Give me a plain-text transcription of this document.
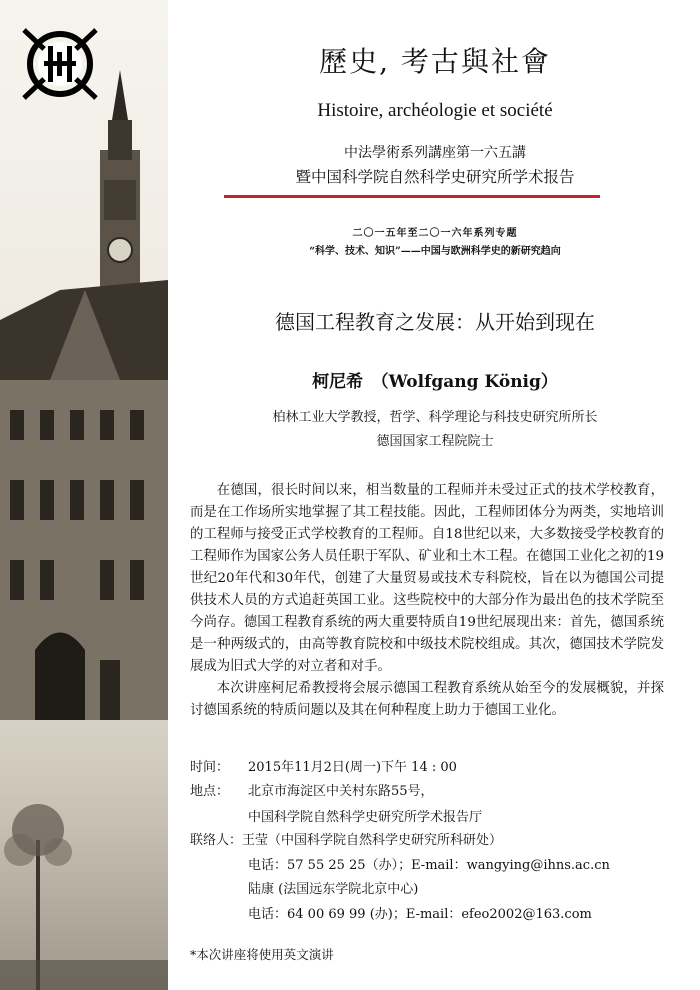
歷史, 考古與社會
Histoire, archéologie et société
中法學術系列講座第一六五講
暨中国科学院自然科学史研究所学术报告
二〇一五年至二〇一六年系列专题
“科学、技术、知识”——中国与欧洲科学史的新研究趋向
德国工程教育之发展：从开始到现在
柯尼希　（Wolfgang König）
柏林工业大学教授，哲学、科学理论与科技史研究所所长
德国国家工程院院士

在德国，很长时间以来，相当数量的工程师并未受过正式的技术学校教育，而是在工作场所实地掌握了其工程技能。因此，工程师团体分为两类，实地培训的工程师与接受正式学校教育的工程师。自18世纪以来，大多数接受学校教育的工程师作为国家公务人员任职于军队、矿业和土木工程。在德国工业化之初的19世纪20年代和30年代，创建了大量贸易或技术专科院校，旨在以为德国公司提供技术人员的方式追赶英国工业。这些院校中的大部分作为最出色的技术学院至今尚存。德国工程教育系统的两大重要特质自19世纪展现出来：首先，德国系统是一种两级式的，由高等教育院校和中级技术院校组成。其次，德国技术学院发展成为旧式大学的对立者和对手。

本次讲座柯尼希教授将会展示德国工程教育系统从始至今的发展概貌，并探讨德国系统的特质问题以及其在何种程度上助力于德国工业化。

时间： 2015年11月2日(周一)下午 14 : 00
地点： 北京市海淀区中关村东路55号，
中国科学院自然科学史研究所学术报告厅
联络人：王莹（中国科学院自然科学史研究所科研处）
电话：57 55 25 25（办）；E-mail：wangying@ihns.ac.cn
陆康 (法国远东学院北京中心)
电话：64 00 69 99 (办)；E-mail：efeo2002@163.com
*本次讲座将使用英文演讲
